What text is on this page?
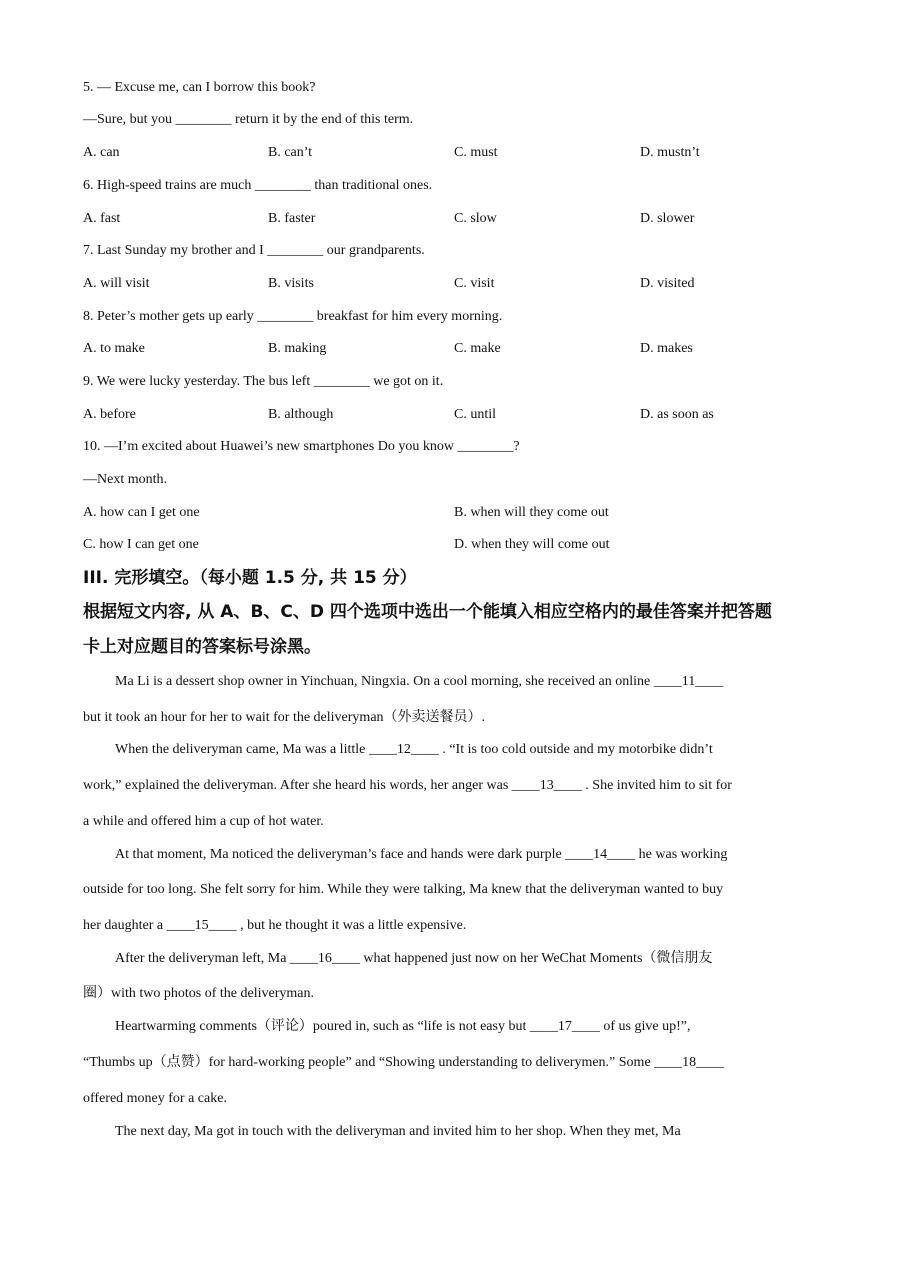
5. — Excuse me, can I borrow this book?
—Sure, but you ________ return it by the end of this term.
A. can	B. can’t	C. must	D. mustn’t
6. High-speed trains are much ________ than traditional ones.
A. fast	B. faster	C. slow	D. slower
7. Last Sunday my brother and I ________ our grandparents.
A. will visit	B. visits	C. visit	D. visited
8. Peter’s mother gets up early ________ breakfast for him every morning.
A. to make	B. making	C. make	D. makes
9. We were lucky yesterday. The bus left ________ we got on it.
A. before	B. although	C. until	D. as soon as
10. —I’m excited about Huawei’s new smartphones Do you know ________?
—Next month.
A. how can I get one	B. when will they come out
C. how I can get one	D. when they will come out
III. 完形填空。（每小题 1.5 分, 共 15 分）
根据短文内容, 从 A、B、C、D 四个选项中选出一个能填入相应空格内的最佳答案并把答题
卡上对应题目的答案标号涂黑。
Ma Li is a dessert shop owner in Yinchuan, Ningxia. On a cool morning, she received an online ____11____
but it took an hour for her to wait for the deliveryman（外卖送餐员）.
When the deliveryman came, Ma was a little ____12____ . “It is too cold outside and my motorbike didn’t
work,” explained the deliveryman. After she heard his words, her anger was ____13____ . She invited him to sit for
a while and offered him a cup of hot water.
At that moment, Ma noticed the deliveryman’s face and hands were dark purple ____14____ he was working
outside for too long. She felt sorry for him. While they were talking, Ma knew that the deliveryman wanted to buy
her daughter a ____15____ , but he thought it was a little expensive.
After the deliveryman left, Ma ____16____ what happened just now on her WeChat Moments（微信朋友
圈）with two photos of the deliveryman.
Heartwarming comments（评论）poured in, such as “life is not easy but ____17____ of us give up!”,
“Thumbs up（点赞）for hard-working people” and “Showing understanding to deliverymen.” Some ____18____
offered money for a cake.
The next day, Ma got in touch with the deliveryman and invited him to her shop. When they met, Ma
